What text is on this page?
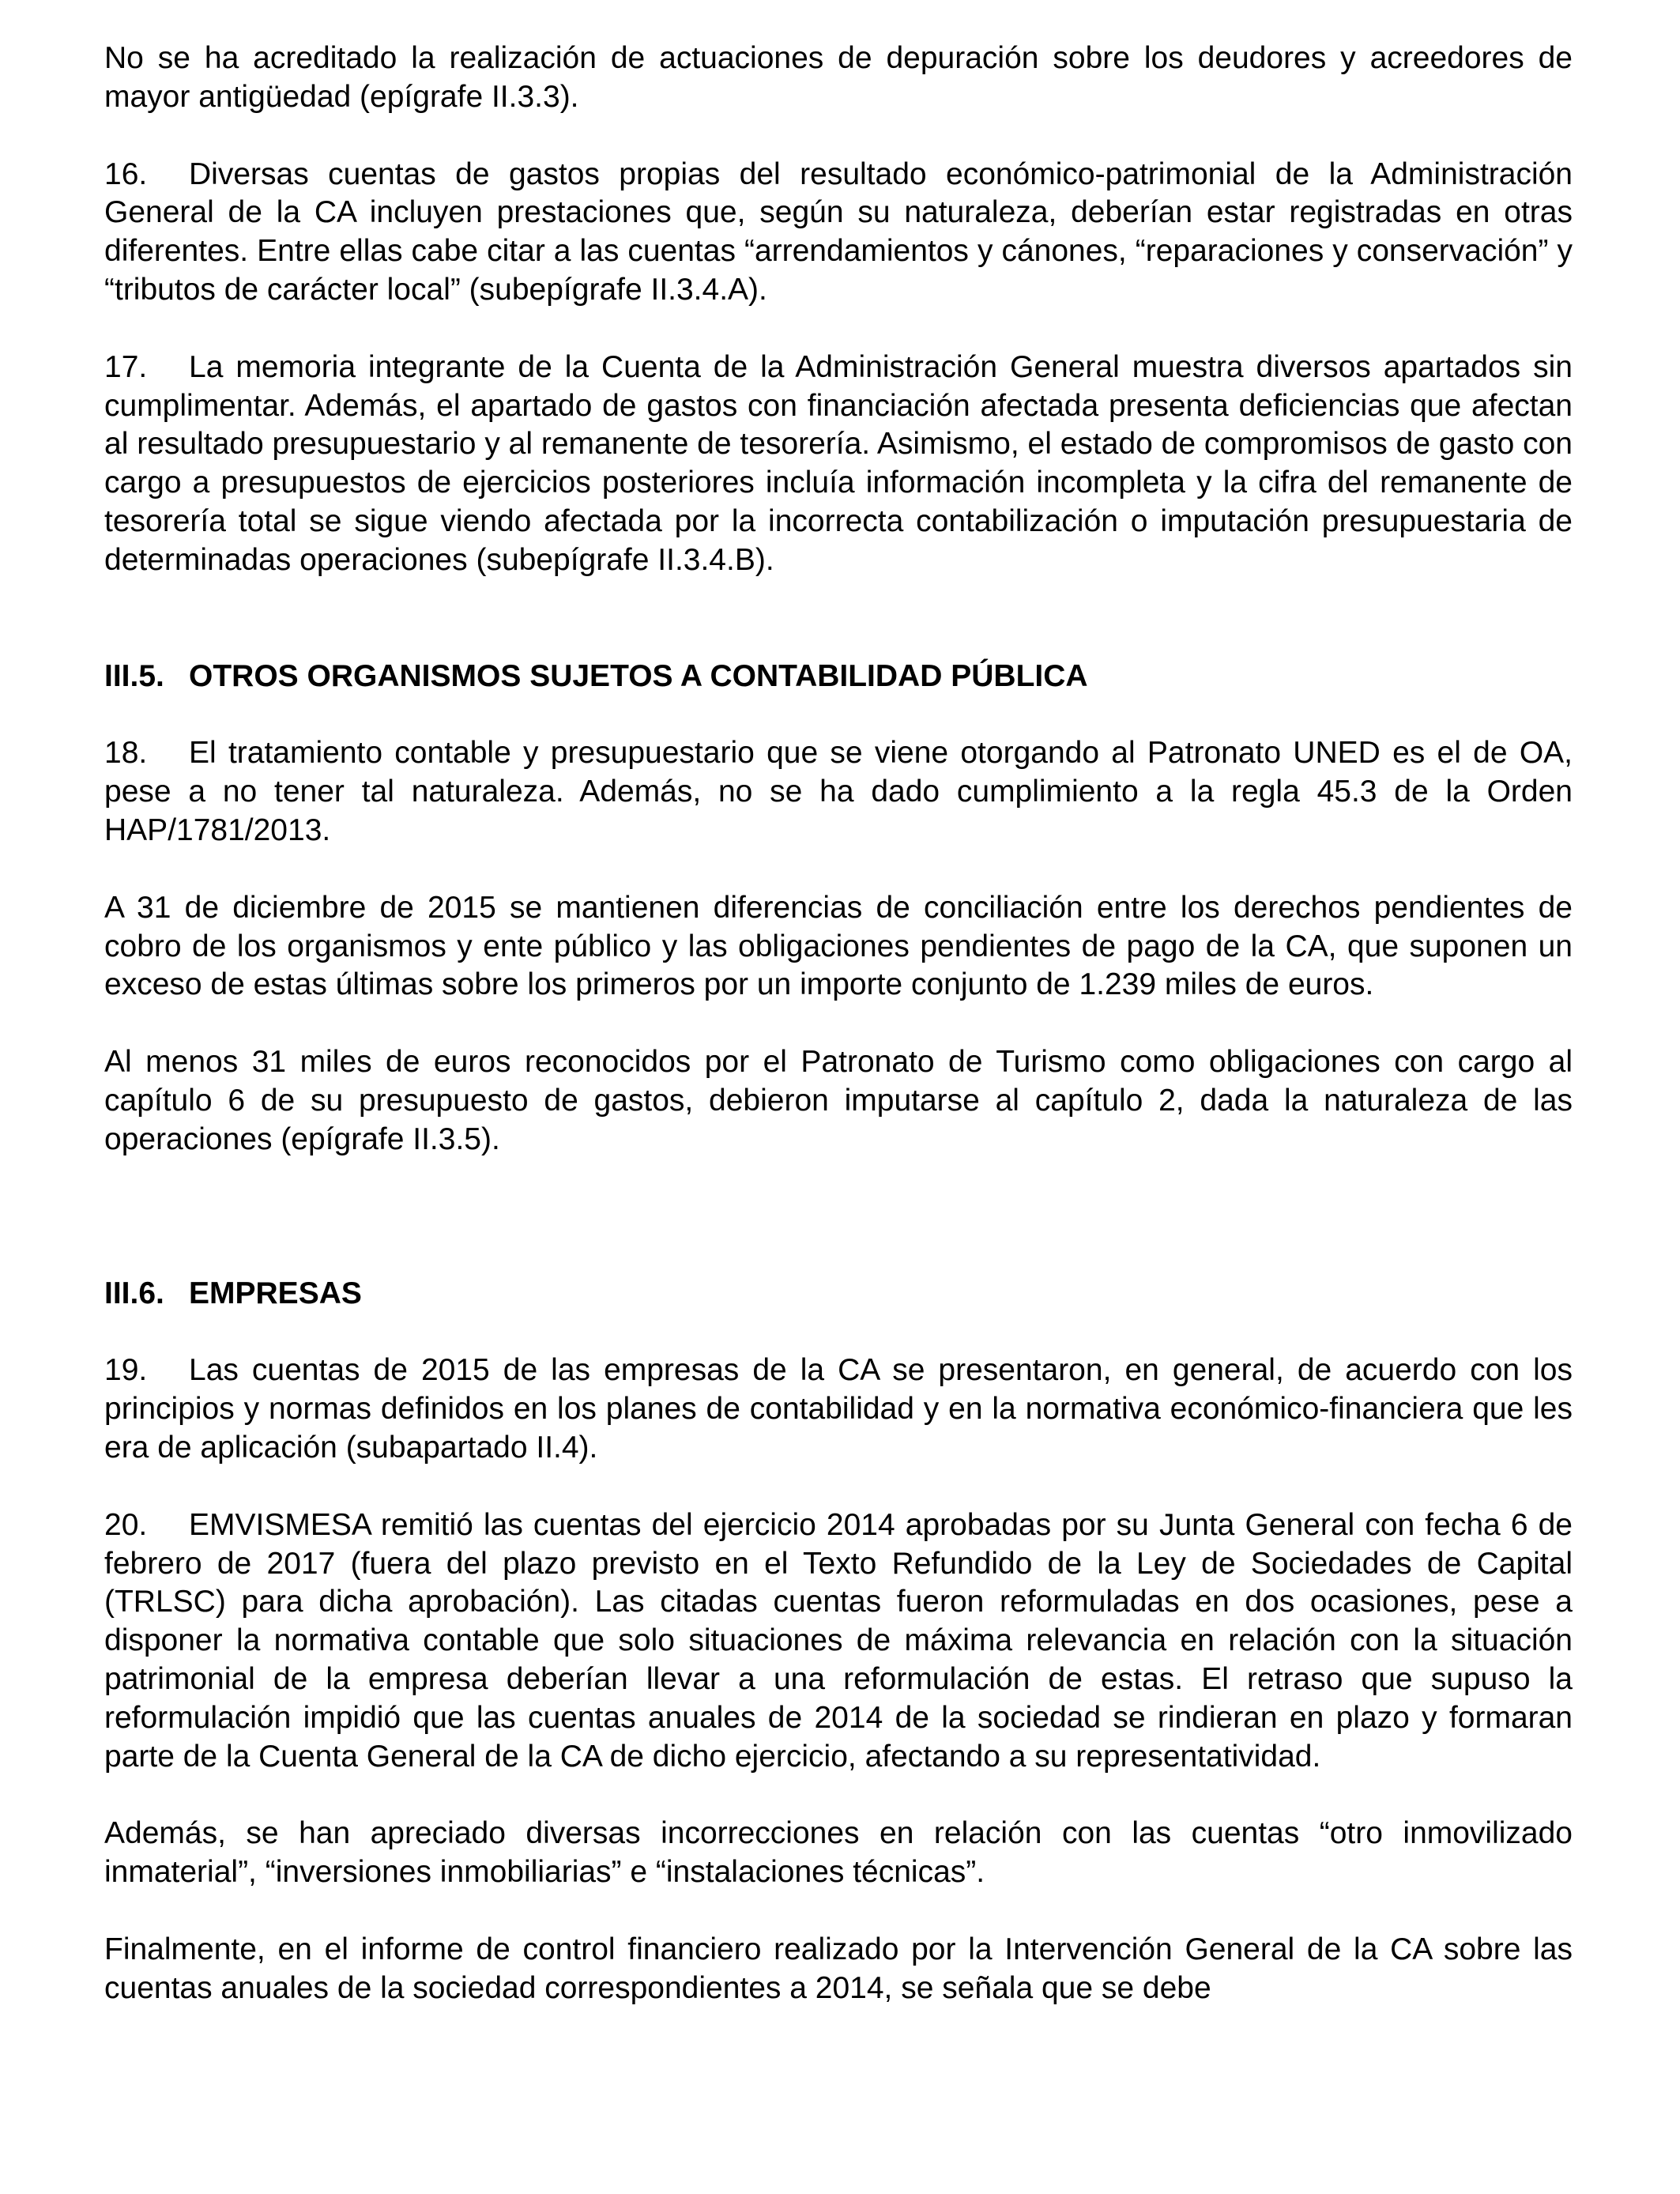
No se ha acreditado la realización de actuaciones de depuración sobre los deudores y acreedores de mayor antigüedad (epígrafe II.3.3).

16. Diversas cuentas de gastos propias del resultado económico-patrimonial de la Administración General de la CA incluyen prestaciones que, según su naturaleza, deberían estar registradas en otras diferentes. Entre ellas cabe citar a las cuentas “arrendamientos y cánones, “reparaciones y conservación” y “tributos de carácter local” (subepígrafe II.3.4.A).

17. La memoria integrante de la Cuenta de la Administración General muestra diversos apartados sin cumplimentar. Además, el apartado de gastos con financiación afectada presenta deficiencias que afectan al resultado presupuestario y al remanente de tesorería. Asimismo, el estado de compromisos de gasto con cargo a presupuestos de ejercicios posteriores incluía información incompleta y la cifra del remanente de tesorería total se sigue viendo afectada por la incorrecta contabilización o imputación presupuestaria de determinadas operaciones (subepígrafe II.3.4.B).

III.5. OTROS ORGANISMOS SUJETOS A CONTABILIDAD PÚBLICA

18. El tratamiento contable y presupuestario que se viene otorgando al Patronato UNED es el de OA, pese a no tener tal naturaleza. Además, no se ha dado cumplimiento a la regla 45.3 de la Orden HAP/1781/2013.

A 31 de diciembre de 2015 se mantienen diferencias de conciliación entre los derechos pendientes de cobro de los organismos y ente público y las obligaciones pendientes de pago de la CA, que suponen un exceso de estas últimas sobre los primeros por un importe conjunto de 1.239 miles de euros.

Al menos 31 miles de euros reconocidos por el Patronato de Turismo como obligaciones con cargo al capítulo 6 de su presupuesto de gastos, debieron imputarse al capítulo 2, dada la naturaleza de las operaciones (epígrafe II.3.5).

III.6. EMPRESAS

19. Las cuentas de 2015 de las empresas de la CA se presentaron, en general, de acuerdo con los principios y normas definidos en los planes de contabilidad y en la normativa económico-financiera que les era de aplicación (subapartado II.4).

20. EMVISMESA remitió las cuentas del ejercicio 2014 aprobadas por su Junta General con fecha 6 de febrero de 2017 (fuera del plazo previsto en el Texto Refundido de la Ley de Sociedades de Capital (TRLSC) para dicha aprobación). Las citadas cuentas fueron reformuladas en dos ocasiones, pese a disponer la normativa contable que solo situaciones de máxima relevancia en relación con la situación patrimonial de la empresa deberían llevar a una reformulación de estas. El retraso que supuso la reformulación impidió que las cuentas anuales de 2014 de la sociedad se rindieran en plazo y formaran parte de la Cuenta General de la CA de dicho ejercicio, afectando a su representatividad.

Además, se han apreciado diversas incorrecciones en relación con las cuentas “otro inmovilizado inmaterial”, “inversiones inmobiliarias” e “instalaciones técnicas”.

Finalmente, en el informe de control financiero realizado por la Intervención General de la CA sobre las cuentas anuales de la sociedad correspondientes a 2014, se señala que se debe
